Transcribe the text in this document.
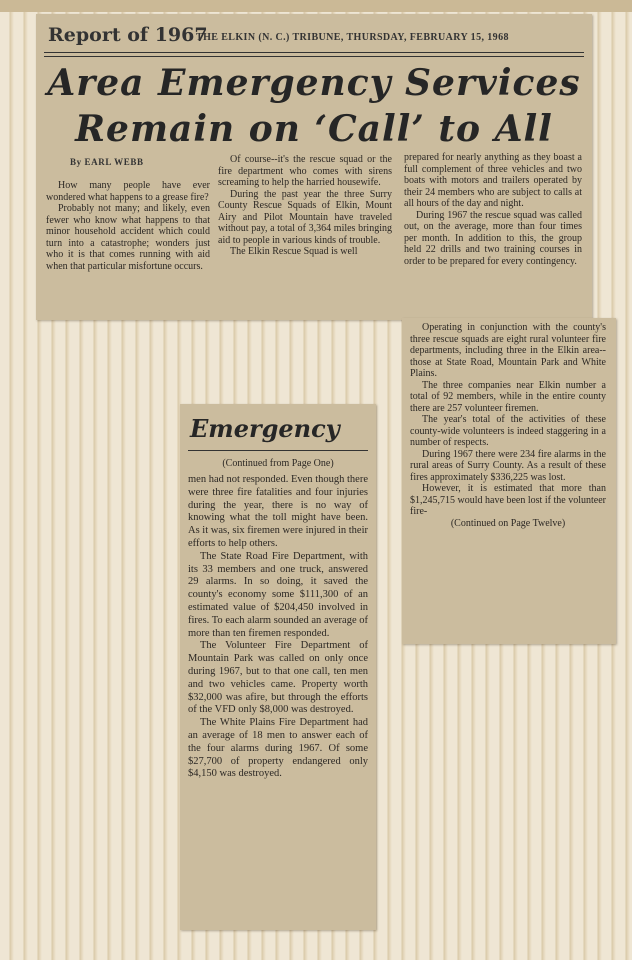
Report of 1967
THE ELKIN (N. C.) TRIBUNE, THURSDAY, FEBRUARY 15, 1968
Area Emergency Services
Remain on ‘Call’ to All
By EARL WEBB

How many people have ever wondered what happens to a grease fire?

Probably not many; and likely, even fewer who know what happens to that minor household accident which could turn into a catastrophe; wonders just who it is that comes running with aid when that particular misfortune occurs.

Of course--it's the rescue squad or the fire department who comes with sirens screaming to help the harried housewife.

During the past year the three Surry County Rescue Squads of Elkin, Mount Airy and Pilot Mountain have traveled without pay, a total of 3,364 miles bringing aid to people in various kinds of trouble.

The Elkin Rescue Squad is well

prepared for nearly anything as they boast a full complement of three vehicles and two boats with motors and trailers operated by their 24 members who are subject to calls at all hours of the day and night.

During 1967 the rescue squad was called out, on the average, more than four times per month. In addition to this, the group held 22 drills and two training courses in order to be prepared for every contingency.

Operating in conjunction with the county's three rescue squads are eight rural volunteer fire departments, including three in the Elkin area--those at State Road, Mountain Park and White Plains.

The three companies near Elkin number a total of 92 members, while in the entire county there are 257 volunteer firemen.

The year's total of the activities of these county-wide volunteers is indeed staggering in a number of respects.

During 1967 there were 234 fire alarms in the rural areas of Surry County. As a result of these fires approximately $336,225 was lost.

However, it is estimated that more than $1,245,715 would have been lost if the volunteer fire-

(Continued on Page Twelve)

Emergency
(Continued from Page One)

men had not responded. Even though there were three fire fatalities and four injuries during the year, there is no way of knowing what the toll might have been. As it was, six firemen were injured in their efforts to help others.

The State Road Fire Department, with its 33 members and one truck, answered 29 alarms. In so doing, it saved the county's economy some $111,300 of an estimated value of $204,450 involved in fires. To each alarm sounded an average of more than ten firemen responded.

The Volunteer Fire Department of Mountain Park was called on only once during 1967, but to that one call, ten men and two vehicles came. Property worth $32,000 was afire, but through the efforts of the VFD only $8,000 was destroyed.

The White Plains Fire Department had an average of 18 men to answer each of the four alarms during 1967. Of some $27,700 of property endangered only $4,150 was destroyed.
